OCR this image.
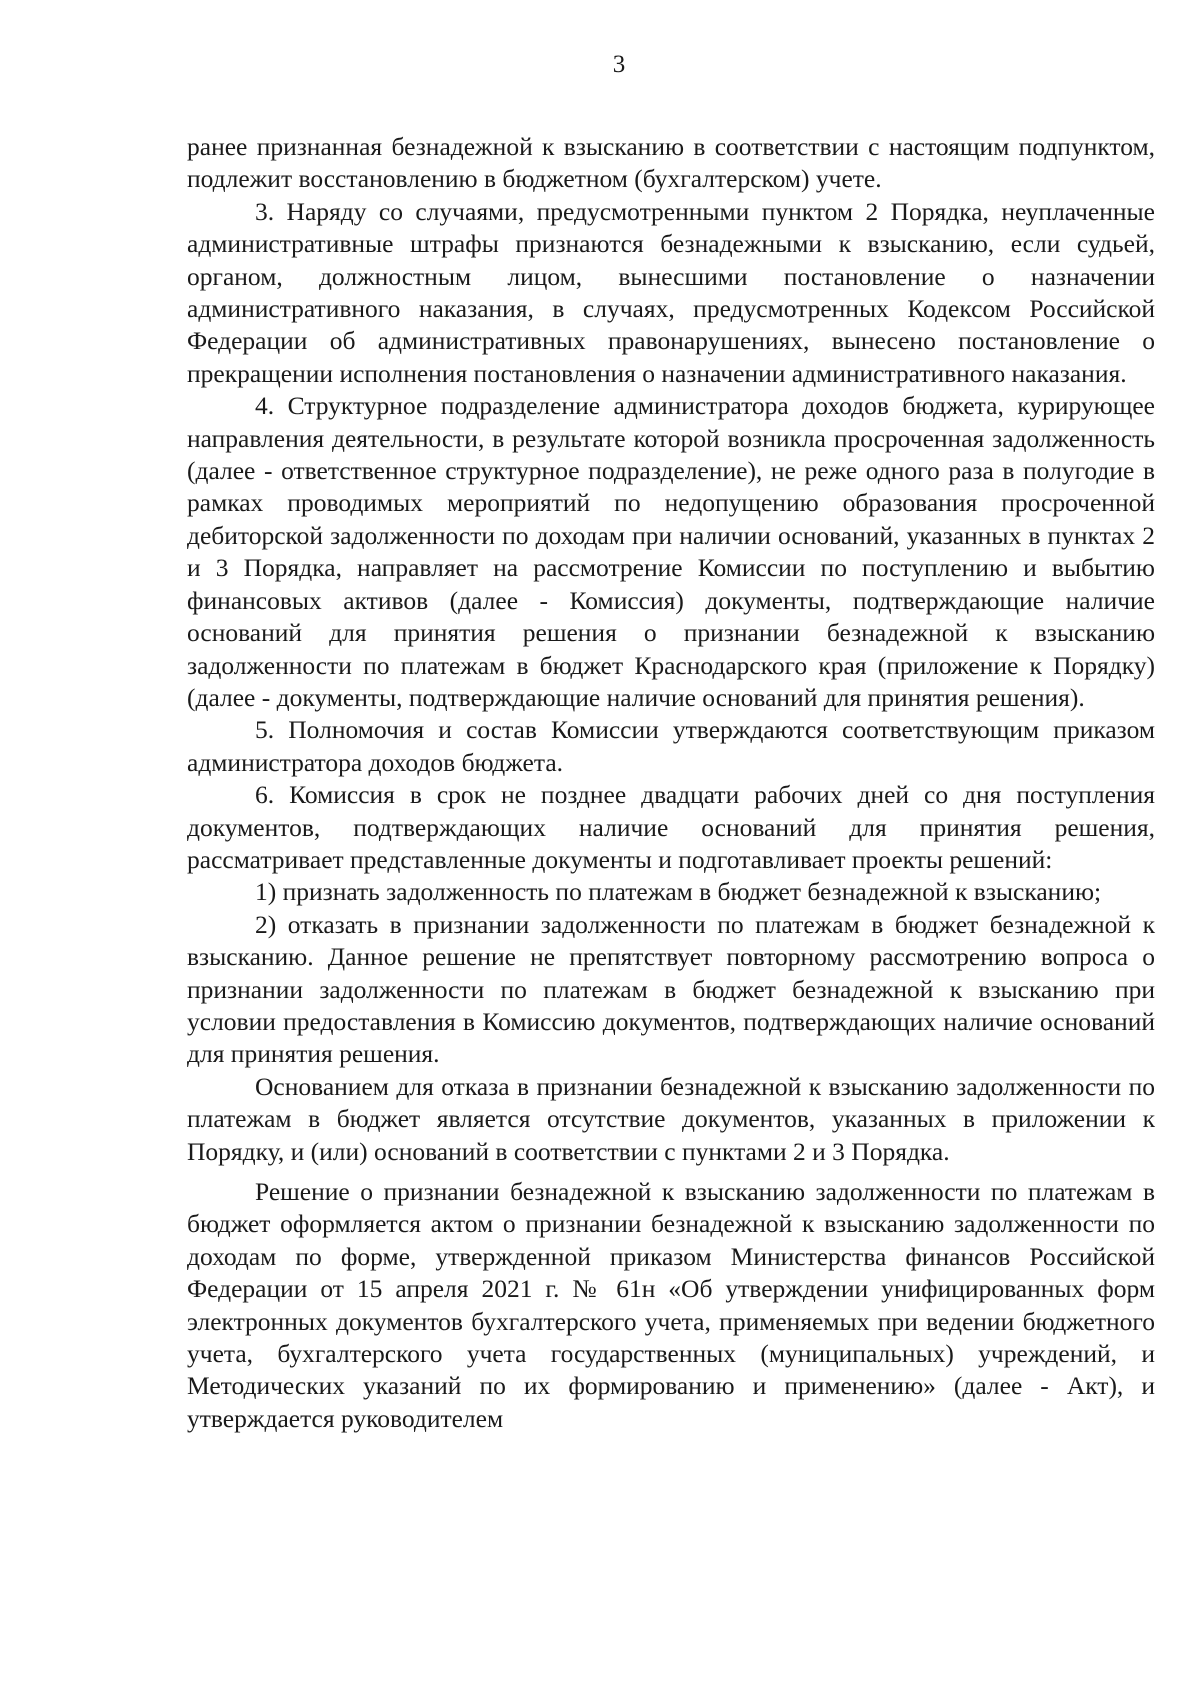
3

ранее признанная безнадежной к взысканию в соответствии с настоящим подпунктом, подлежит восстановлению в бюджетном (бухгалтерском) учете.

3. Наряду со случаями, предусмотренными пунктом 2 Порядка, неуплаченные административные штрафы признаются безнадежными к взысканию, если судьей, органом, должностным лицом, вынесшими постановление о назначении административного наказания, в случаях, предусмотренных Кодексом Российской Федерации об административных правонарушениях, вынесено постановление о прекращении исполнения постановления о назначении административного наказания.

4. Структурное подразделение администратора доходов бюджета, курирующее направления деятельности, в результате которой возникла просроченная задолженность (далее - ответственное структурное подразделение), не реже одного раза в полугодие в рамках проводимых мероприятий по недопущению образования просроченной дебиторской задолженности по доходам при наличии оснований, указанных в пунктах 2 и 3 Порядка, направляет на рассмотрение Комиссии по поступлению и выбытию финансовых активов (далее - Комиссия) документы, подтверждающие наличие оснований для принятия решения о признании безнадежной к взысканию задолженности по платежам в бюджет Краснодарского края (приложение к Порядку) (далее - документы, подтверждающие наличие оснований для принятия решения).

5. Полномочия и состав Комиссии утверждаются соответствующим приказом администратора доходов бюджета.

6. Комиссия в срок не позднее двадцати рабочих дней со дня поступления документов, подтверждающих наличие оснований для принятия решения, рассматривает представленные документы и подготавливает проекты решений:

1) признать задолженность по платежам в бюджет безнадежной к взысканию;

2) отказать в признании задолженности по платежам в бюджет безнадежной к взысканию. Данное решение не препятствует повторному рассмотрению вопроса о признании задолженности по платежам в бюджет безнадежной к взысканию при условии предоставления в Комиссию документов, подтверждающих наличие оснований для принятия решения.

Основанием для отказа в признании безнадежной к взысканию задолженности по платежам в бюджет является отсутствие документов, указанных в приложении к Порядку, и (или) оснований в соответствии с пунктами 2 и 3 Порядка.

Решение о признании безнадежной к взысканию задолженности по платежам в бюджет оформляется актом о признании безнадежной к взысканию задолженности по доходам по форме, утвержденной приказом Министерства финансов Российской Федерации от 15 апреля 2021 г. № 61н «Об утверждении унифицированных форм электронных документов бухгалтерского учета, применяемых при ведении бюджетного учета, бухгалтерского учета государственных (муниципальных) учреждений, и Методических указаний по их формированию и применению» (далее - Акт), и утверждается руководителем
